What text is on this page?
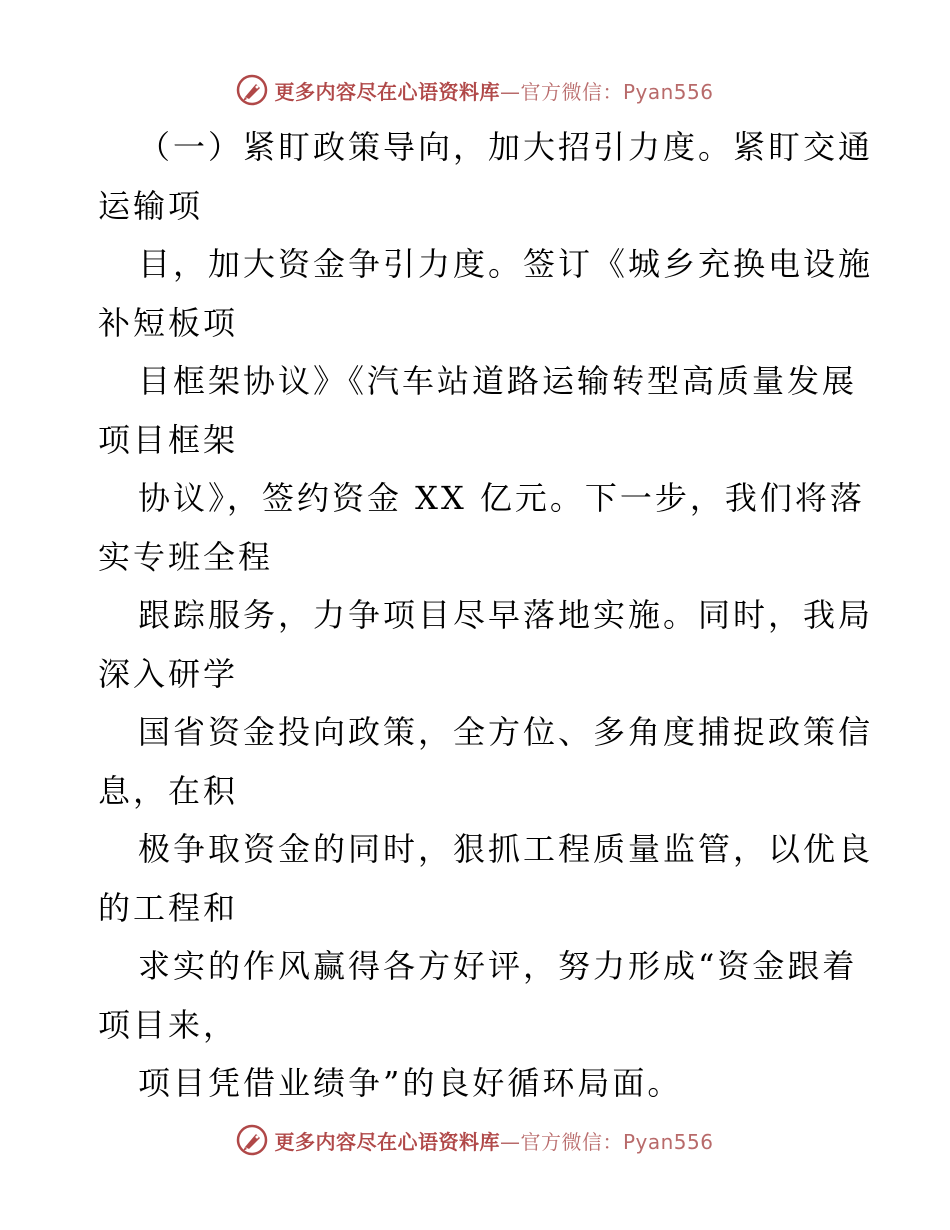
更多内容尽在心语资料库—官方微信：Pyan556
（一）紧盯政策导向，加大招引力度。紧盯交通
运输项
目，加大资金争引力度。签订《城乡充换电设施
补短板项
目框架协议》《汽车站道路运输转型高质量发展
项目框架
协议》，签约资金 XX 亿元。下一步，我们将落
实专班全程
跟踪服务，力争项目尽早落地实施。同时，我局
深入研学
国省资金投向政策，全方位、多角度捕捉政策信
息，在积
极争取资金的同时，狠抓工程质量监管，以优良
的工程和
求实的作风赢得各方好评，努力形成“资金跟着
项目来，
项目凭借业绩争”的良好循环局面。
更多内容尽在心语资料库—官方微信：Pyan556
